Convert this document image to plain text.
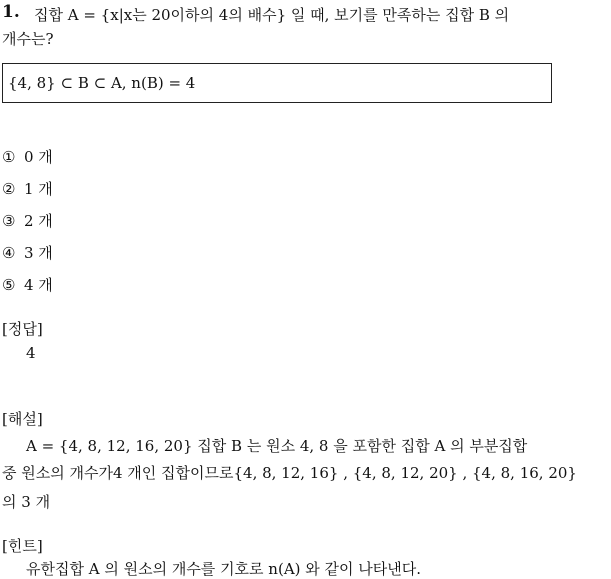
1. 집합 A = {x|x는 20이하의 4의 배수} 일 때, 보기를 만족하는 집합 B 의
개수는?
{4, 8} ⊂ B ⊂ A, n(B) = 4
① 0 개
② 1 개
③ 2 개
④ 3 개
⑤ 4 개
[정답]
4
[해설]
A = {4, 8, 12, 16, 20} 집합 B 는 원소 4, 8 을 포함한 집합 A 의 부분집합
중 원소의 개수가4 개인 집합이므로{4, 8, 12, 16} , {4, 8, 12, 20} , {4, 8, 16, 20}
의 3 개
[힌트]
유한집합 A 의 원소의 개수를 기호로 n(A) 와 같이 나타낸다.
